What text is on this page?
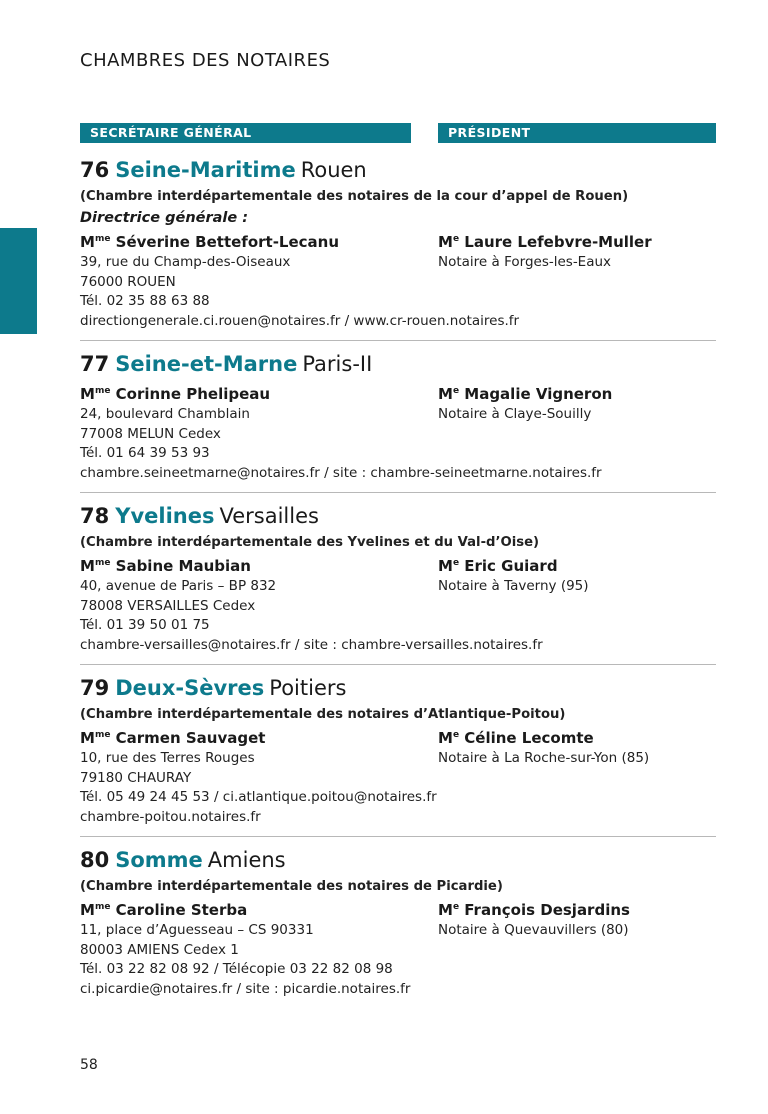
CHAMBRES DES NOTAIRES
SECRÉTAIRE GÉNÉRAL	PRÉSIDENT
76 Seine-Maritime Rouen
(Chambre interdépartementale des notaires de la cour d’appel de Rouen)
Directrice générale :
$M^{me}$ Séverine Bettefort-Lecanu
39, rue du Champ-des-Oiseaux
76000 ROUEN
Tél. 02 35 88 63 88
Me Laure Lefebvre-Muller
Notaire à Forges-les-Eaux
directiongenerale.ci.rouen@notaires.fr / www.cr-rouen.notaires.fr
77 Seine-et-Marne Paris-II
$M^{me}$ Corinne Phelipeau
24, boulevard Chamblain
77008 MELUN Cedex
Tél. 01 64 39 53 93
Me Magalie Vigneron
Notaire à Claye-Souilly
chambre.seineetmarne@notaires.fr / site : chambre-seineetmarne.notaires.fr
78 Yvelines Versailles
(Chambre interdépartementale des Yvelines et du Val-d’Oise)
$M^{me}$ Sabine Maubian
40, avenue de Paris – BP 832
78008 VERSAILLES Cedex
Tél. 01 39 50 01 75
Me Eric Guiard
Notaire à Taverny (95)
chambre-versailles@notaires.fr / site : chambre-versailles.notaires.fr
79 Deux-Sèvres Poitiers
(Chambre interdépartementale des notaires d’Atlantique-Poitou)
$M^{me}$ Carmen Sauvaget
10, rue des Terres Rouges
79180 CHAURAY
Me Céline Lecomte
Notaire à La Roche-sur-Yon (85)
Tél. 05 49 24 45 53 / ci.atlantique.poitou@notaires.fr
chambre-poitou.notaires.fr
80 Somme Amiens
(Chambre interdépartementale des notaires de Picardie)
$M^{me}$ Caroline Sterba
11, place d’Aguesseau – CS 90331
80003 AMIENS Cedex 1
Tél. 03 22 82 08 92 / Télécopie 03 22 82 08 98
Me François Desjardins
Notaire à Quevauvillers (80)
ci.picardie@notaires.fr / site : picardie.notaires.fr
58
